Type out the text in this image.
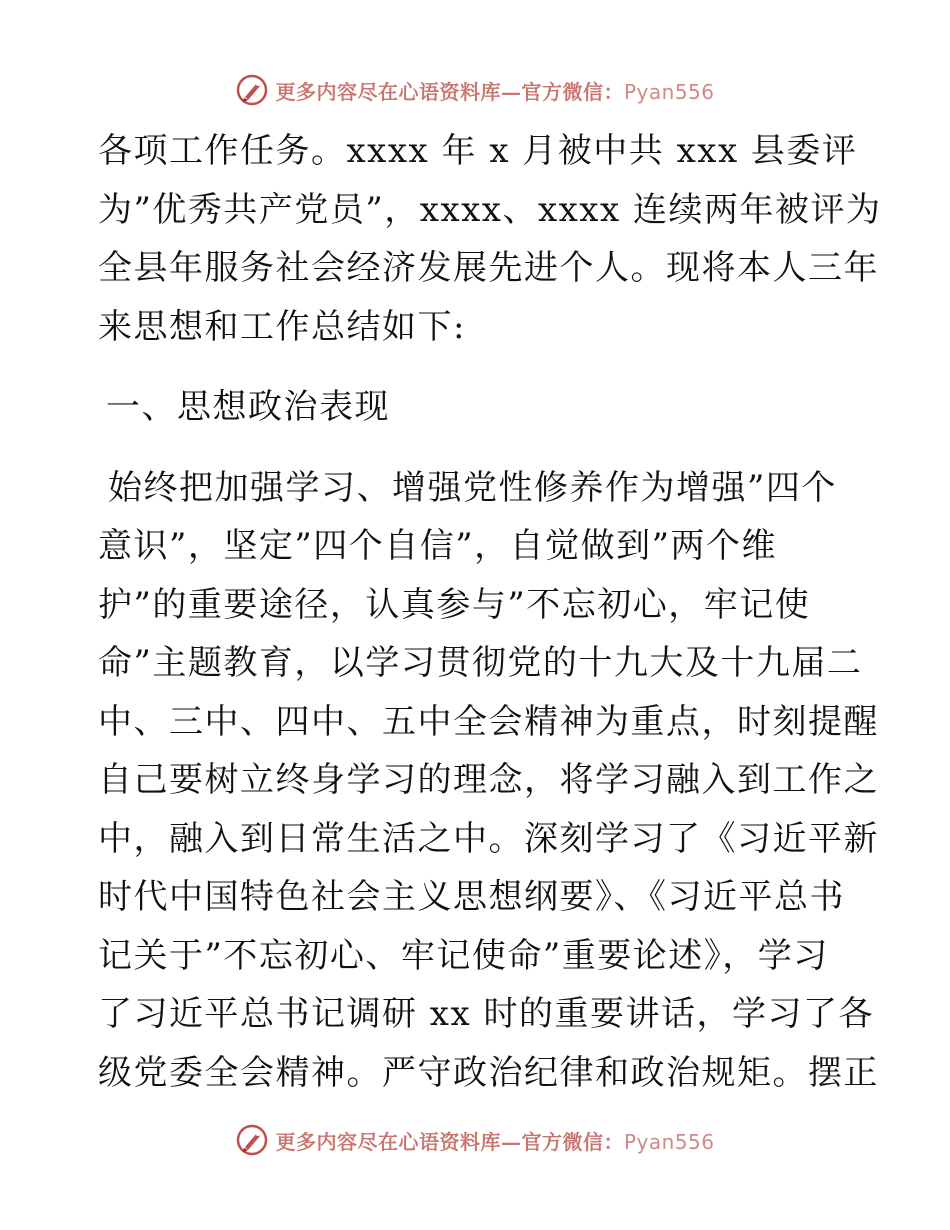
更多内容尽在心语资料库—官方微信：Pyan556
各项工作任务。xxxx 年 x 月被中共 xxx 县委评
为”优秀共产党员”，xxxx、xxxx 连续两年被评为
全县年服务社会经济发展先进个人。现将本人三年
来思想和工作总结如下:
一、思想政治表现
始终把加强学习、增强党性修养作为增强”四个
意识”，坚定”四个自信”，自觉做到”两个维
护”的重要途径，认真参与”不忘初心，牢记使
命”主题教育，以学习贯彻党的十九大及十九届二
中、三中、四中、五中全会精神为重点，时刻提醒
自己要树立终身学习的理念，将学习融入到工作之
中，融入到日常生活之中。深刻学习了《习近平新
时代中国特色社会主义思想纲要》、《习近平总书
记关于”不忘初心、牢记使命”重要论述》，学习
了习近平总书记调研 xx 时的重要讲话，学习了各
级党委全会精神。严守政治纪律和政治规矩。摆正
更多内容尽在心语资料库—官方微信：Pyan556
